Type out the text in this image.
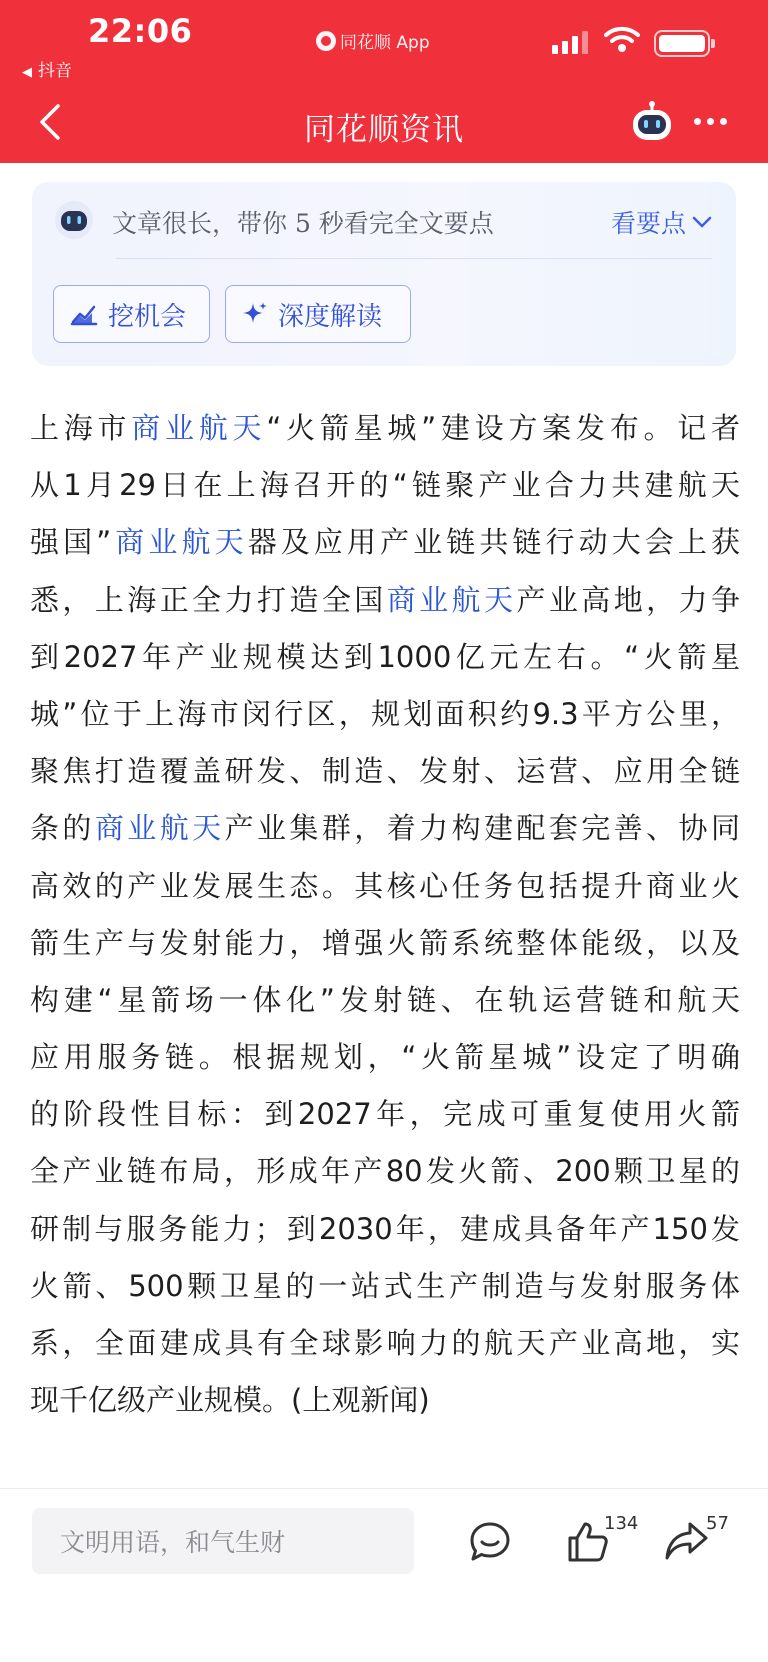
22:06
◀ 抖音
同花顺 App
同花顺资讯
文章很长，带你 5 秒看完全文要点	看要点
挖机会	深度解读
上海市商业航天“火箭星城”建设方案发布。记者
从1月29日在上海召开的“链聚产业合力共建航天
强国”商业航天器及应用产业链共链行动大会上获
悉，上海正全力打造全国商业航天产业高地，力争
到2027年产业规模达到1000亿元左右。“火箭星
城”位于上海市闵行区，规划面积约9.3平方公里，
聚焦打造覆盖研发、制造、发射、运营、应用全链
条的商业航天产业集群，着力构建配套完善、协同
高效的产业发展生态。其核心任务包括提升商业火
箭生产与发射能力，增强火箭系统整体能级，以及
构建“星箭场一体化”发射链、在轨运营链和航天
应用服务链。根据规划，“火箭星城”设定了明确
的阶段性目标：到2027年，完成可重复使用火箭
全产业链布局，形成年产80发火箭、200颗卫星的
研制与服务能力；到2030年，建成具备年产150发
火箭、500颗卫星的一站式生产制造与发射服务体
系，全面建成具有全球影响力的航天产业高地，实
现千亿级产业规模。(上观新闻)
文明用语，和气生财
134	57
